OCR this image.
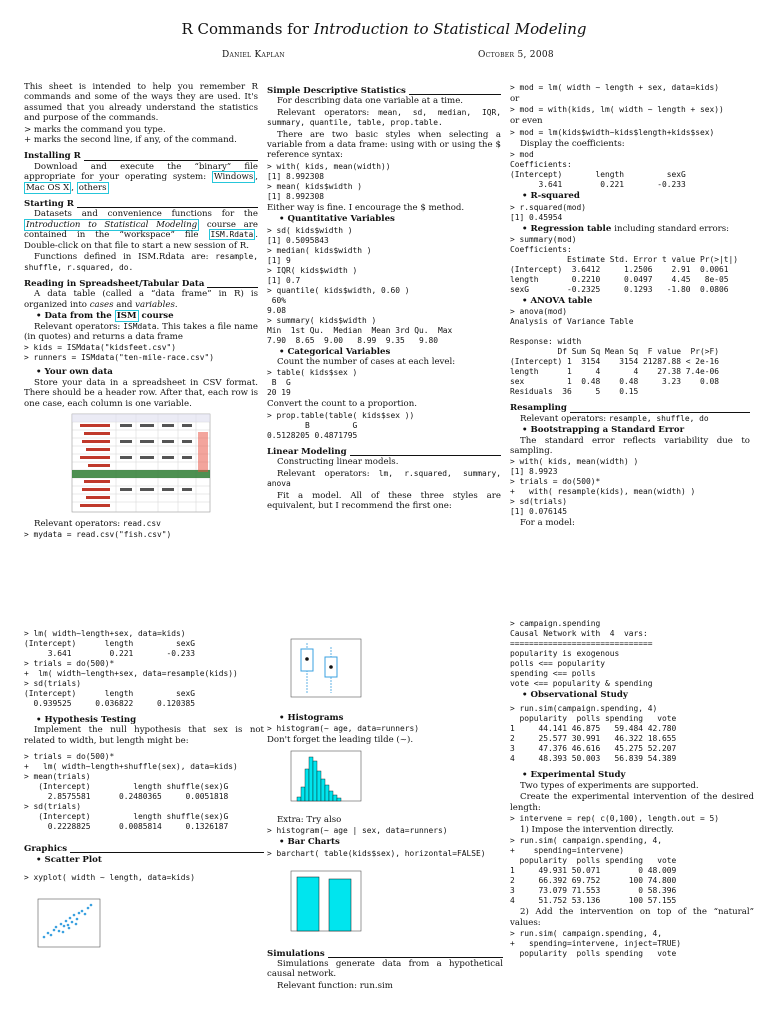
R Commands for Introduction to Statistical Modeling
Daniel Kaplan	October 5, 2008

This sheet is intended to help you remember R commands and some of the ways they are used. It's assumed that you already understand the statistics and purpose of the commands.

> marks the command you type.
+ marks the second line, if any, of the command.
Installing R

Download and execute the “binary” file appropriate for your operating system: Windows , Mac OS X , others

Starting R

Datasets and convenience functions for the Introduction to Statistical Modeling course are contained in the “workspace” file ISM.Rdata . Double-click on that file to start a new session of R.

Functions defined in ISM.Rdata are: resample, shuffle, r.squared, do.

Reading in Spreadsheet/Tabular Data

A data table (called a “data frame” in R) is organized into cases and variables.

• Data from the ISM course

Relevant operators: ISMdata. This takes a file name (in quotes) and returns a data frame

> kids = ISMdata("kidsfeet.csv")
> runners = ISMdata("ten-mile-race.csv")
• Your own data

Store your data in a spreadsheet in CSV format. There should be a header row. After that, each row is one case, each column is one variable.

Relevant operators: read.csv

> mydata = read.csv("fish.csv")
Simple Descriptive Statistics

For describing data one variable at a time.

Relevant operators: mean, sd, median, IQR, summary, quantile, table, prop.table.

There are two basic styles when selecting a variable from a data frame: using with or using the $ reference syntax:

> with( kids, mean(width))
[1] 8.992308
> mean( kids$width )
[1] 8.992308

Either way is fine. I encourage the $ method.

• Quantitative Variables
> sd( kids$width )
[1] 0.5095843
> median( kids$width )
[1] 9
> IQR( kids$width )
[1] 0.7
> quantile( kids$width, 0.60 )
60%
9.08
> summary( kids$width )
Min  1st Qu.  Median  Mean 3rd Qu.  Max
7.90  8.65  9.00   8.99  9.35   9.80
• Categorical Variables

Count the number of cases at each level:

> table( kids$sex )
B  G
20 19

Convert the count to a proportion.

> prop.table(table( kids$sex ))
B         G
0.5128205 0.4871795
Linear Modeling

Constructing linear models.

Relevant operators: lm, r.squared, summary, anova

Fit a model. All of these three styles are equivalent, but I recommend the first one:

> mod = lm( width ~ length + sex, data=kids)
or
> mod = with(kids, lm( width ~ length + sex))
or even
> mod = lm(kids$width~kids$length+kids$sex)

Display the coefficients:

> mod
Coefficients:
(Intercept)       length         sexG
3.641        0.221       -0.233
• R-squared
> r.squared(mod)
[1] 0.45954
• Regression table including standard errors:
> summary(mod)
Coefficients:
Estimate Std. Error t value Pr(>|t|)
(Intercept)  3.6412     1.2506    2.91  0.0061
length       0.2210     0.0497    4.45   8e-05
sexG        -0.2325     0.1293   -1.80  0.0806
• ANOVA table
> anova(mod)
Analysis of Variance Table

Response: width
Df Sum Sq Mean Sq  F value  Pr(>F)
(Intercept) 1  3154    3154 21287.88 < 2e-16
length      1     4       4    27.38 7.4e-06
sex         1  0.48    0.48     3.23    0.08
Residuals  36     5    0.15
Resampling

Relevant operators: resample, shuffle, do

• Bootstrapping a Standard Error

The standard error reflects variability due to sampling.

> with( kids, mean(width) )
[1] 8.9923
> trials = do(500)*
+   with( resample(kids), mean(width) )
> sd(trials)
[1] 0.076145

For a model:

> lm( width~length+sex, data=kids)
(Intercept)      length         sexG
3.641        0.221       -0.233
> trials = do(500)*
+  lm( width~length+sex, data=resample(kids))
> sd(trials)
(Intercept)      length         sexG
0.939525     0.036822     0.120385
• Hypothesis Testing

Implement the null hypothesis that sex is not related to width, but length might be:

> trials = do(500)*
+   lm( width~length+shuffle(sex), data=kids)
> mean(trials)
(Intercept)         length shuffle(sex)G
2.8575581      0.2480365     0.0051818
> sd(trials)
(Intercept)         length shuffle(sex)G
0.2228825      0.0085814     0.1326187
Graphics
• Scatter Plot
> xyplot( width ~ length, data=kids)
• Histograms
> histogram(~ age, data=runners)

Don't forget the leading tilde (~).

Extra: Try also

> histogram(~ age | sex, data=runners)
• Bar Charts
> barchart( table(kids$sex), horizontal=FALSE)
Simulations

Simulations generate data from a hypothetical causal network.

Relevant function: run.sim

> campaign.spending
Causal Network with  4  vars:
==============================
popularity is exogenous
polls <== popularity
spending <== polls
vote <== popularity & spending
• Observational Study
> run.sim(campaign.spending, 4)
popularity  polls spending   vote
1     44.141 46.875   59.484 42.780
2     25.577 30.991   46.322 18.655
3     47.376 46.616   45.275 52.207
4     48.393 50.003   56.839 54.389
• Experimental Study

Two types of experiments are supported.

Create the experimental intervention of the desired length:

> intervene = rep( c(0,100), length.out = 5)

1) Impose the intervention directly.

> run.sim( campaign.spending, 4,
+    spending=intervene)
popularity  polls spending   vote
1     49.931 50.071        0 48.009
2     66.392 69.752      100 74.800
3     73.079 71.553        0 58.396
4     51.752 53.136      100 57.155

2) Add the intervention on top of the “natural” values:

> run.sim( campaign.spending, 4,
+   spending=intervene, inject=TRUE)
popularity  polls spending   vote
